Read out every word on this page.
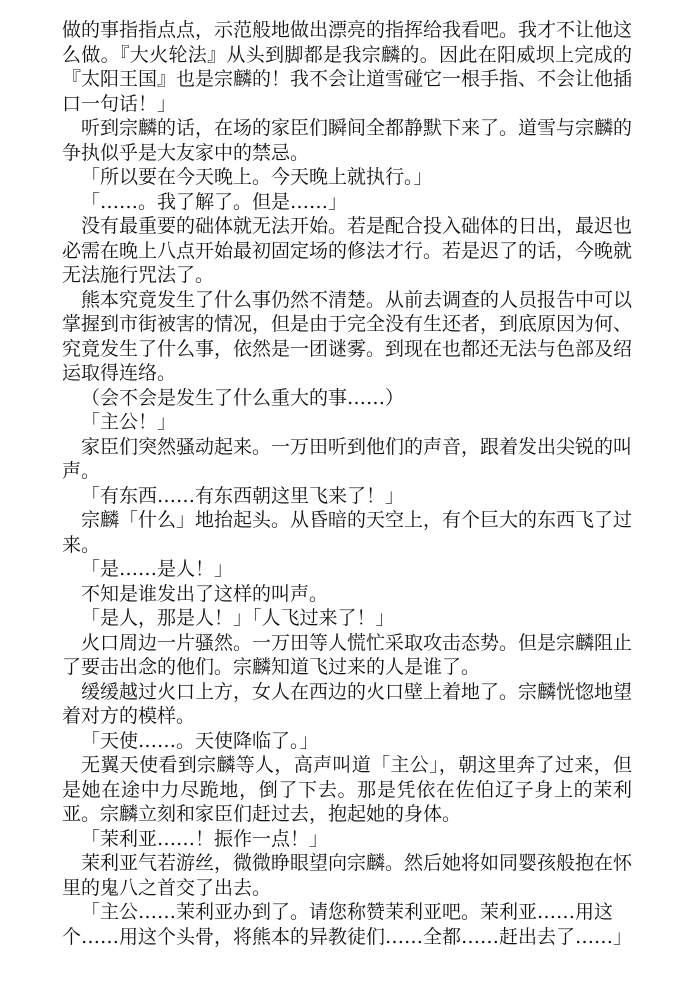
做的事指指点点，示范般地做出漂亮的指挥给我看吧。我才不让他这么做。『大火轮法』从头到脚都是我宗麟的。因此在阳威坝上完成的『太阳王国』也是宗麟的！我不会让道雪碰它一根手指、不会让他插口一句话！」

听到宗麟的话，在场的家臣们瞬间全都静默下来了。道雪与宗麟的争执似乎是大友家中的禁忌。

「所以要在今天晚上。今天晚上就执行。」

「……。我了解了。但是……」

没有最重要的础体就无法开始。若是配合投入础体的日出，最迟也必需在晚上八点开始最初固定场的修法才行。若是迟了的话，今晚就无法施行咒法了。

熊本究竟发生了什么事仍然不清楚。从前去调查的人员报告中可以掌握到市街被害的情况，但是由于完全没有生还者，到底原因为何、究竟发生了什么事，依然是一团谜雾。到现在也都还无法与色部及绍运取得连络。

（会不会是发生了什么重大的事……）

「主公！」

家臣们突然骚动起来。一万田听到他们的声音，跟着发出尖锐的叫声。

「有东西……有东西朝这里飞来了！」

宗麟「什么」地抬起头。从昏暗的天空上，有个巨大的东西飞了过来。

「是……是人！」

不知是谁发出了这样的叫声。

「是人，那是人！」「人飞过来了！」

火口周边一片骚然。一万田等人慌忙采取攻击态势。但是宗麟阻止了要击出念的他们。宗麟知道飞过来的人是谁了。

缓缓越过火口上方，女人在西边的火口壁上着地了。宗麟恍惚地望着对方的模样。

「天使……。天使降临了。」

无翼天使看到宗麟等人，高声叫道「主公」，朝这里奔了过来，但是她在途中力尽跪地，倒了下去。那是凭依在佐伯辽子身上的茉利亚。宗麟立刻和家臣们赶过去，抱起她的身体。

「茉利亚……！振作一点！」

茉利亚气若游丝，微微睁眼望向宗麟。然后她将如同婴孩般抱在怀里的鬼八之首交了出去。

「主公……茉利亚办到了。请您称赞茉利亚吧。茉利亚……用这个……用这个头骨，将熊本的异教徒们……全都……赶出去了……」
